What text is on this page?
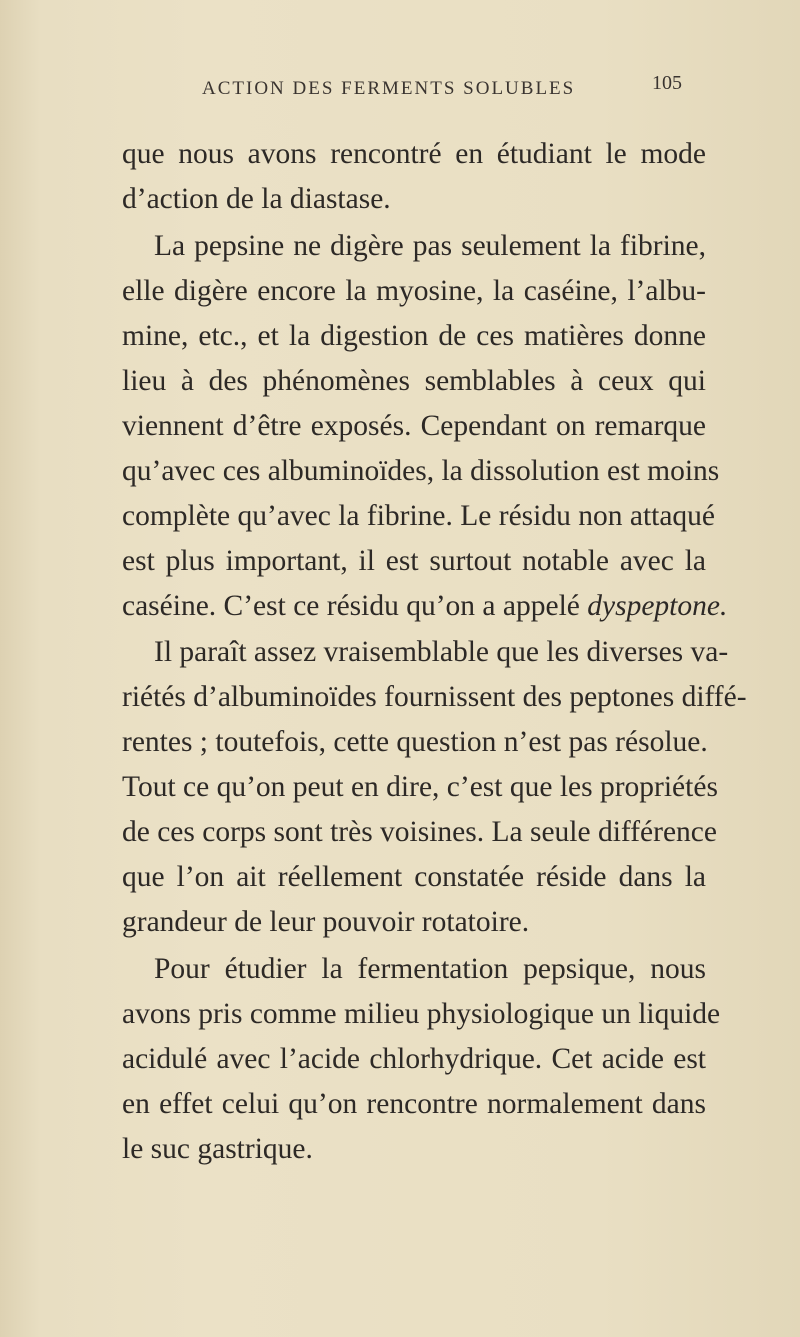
ACTION DES FERMENTS SOLUBLES	105
que nous avons rencontré en étudiant le mode
d’action de la diastase.
La pepsine ne digère pas seulement la fibrine,
elle digère encore la myosine, la caséine, l’albu-
mine, etc., et la digestion de ces matières donne
lieu à des phénomènes semblables à ceux qui
viennent d’être exposés. Cependant on remarque
qu’avec ces albuminoïdes, la dissolution est moins
complète qu’avec la fibrine. Le résidu non attaqué
est plus important, il est surtout notable avec la
caséine. C’est ce résidu qu’on a appelé dyspeptone.
Il paraît assez vraisemblable que les diverses va-
riétés d’albuminoïdes fournissent des peptones diffé-
rentes ; toutefois, cette question n’est pas résolue.
Tout ce qu’on peut en dire, c’est que les propriétés
de ces corps sont très voisines. La seule différence
que l’on ait réellement constatée réside dans la
grandeur de leur pouvoir rotatoire.
Pour étudier la fermentation pepsique, nous
avons pris comme milieu physiologique un liquide
acidulé avec l’acide chlorhydrique. Cet acide est
en effet celui qu’on rencontre normalement dans
le suc gastrique.
